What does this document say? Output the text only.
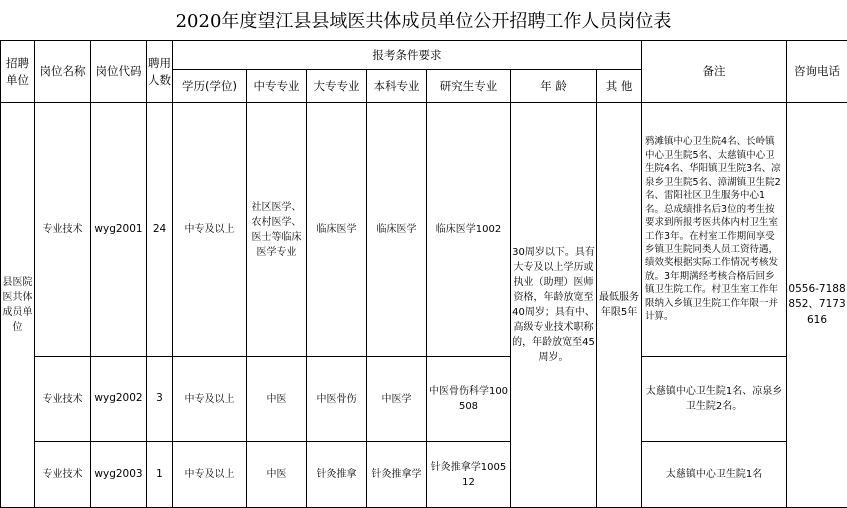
2020年度望江县县域医共体成员单位公开招聘工作人员岗位表
招聘单位	岗位名称	岗位代码	聘用人数	报考条件要求							备注	咨询电话
				学历(学位)	中专专业	大专专业	本科专业	研究生专业	年 龄	其 他		
县医院医共体成员单位	专业技术	wyg2001	24	中专及以上	社区医学、农村医学、医士等临床医学专业	临床医学	临床医学	临床医学1002	30周岁以下。具有大专及以上学历或执业（助理）医师资格，年龄放宽至40周岁；具有中、高级专业技术职称的，年龄放宽至45周岁。	最低服务年限5年	鸦滩镇中心卫生院4名、长岭镇中心卫生院5名、太慈镇中心卫生院4名、华阳镇卫生院3名、凉泉乡卫生院5名、漳湖镇卫生院2名、雷阳社区卫生服务中心1名。总成绩排名后3位的考生按要求到所报考医共体内村卫生室工作3年。在村室工作期间享受乡镇卫生院同类人员工资待遇，绩效奖根据实际工作情况考核发放。3年期满经考核合格后回乡镇卫生院工作。村卫生室工作年限纳入乡镇卫生院工作年限一并计算。	0556-7188852、7173616
	专业技术	wyg2002	3	中专及以上	中医	中医骨伤	中医学	中医骨伤科学100508			太慈镇中心卫生院1名、凉泉乡卫生院2名。	
	专业技术	wyg2003	1	中专及以上	中医	针灸推拿	针灸推拿学	针灸推拿学100512			太慈镇中心卫生院1名	
